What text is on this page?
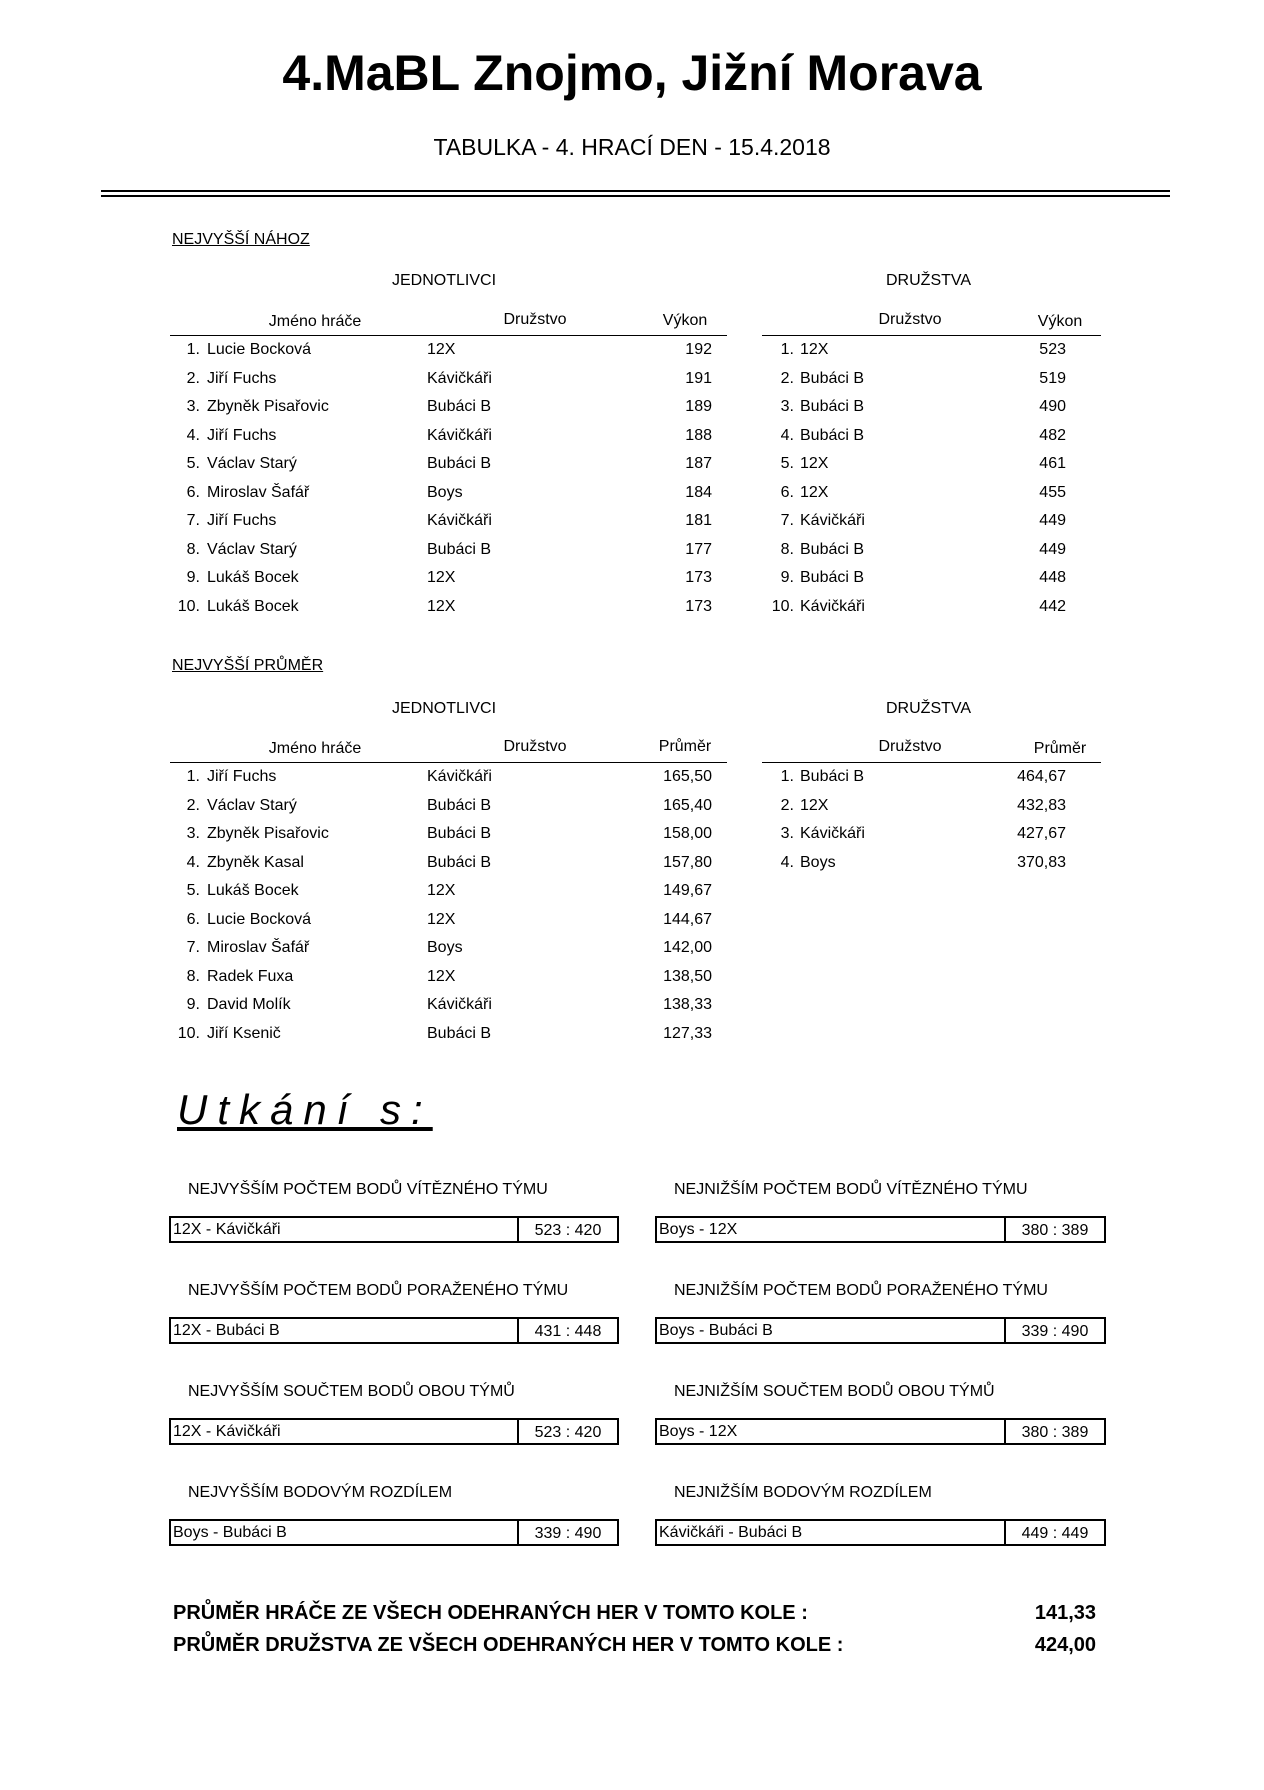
4.MaBL Znojmo, Jižní Morava
TABULKA - 4. HRACÍ DEN - 15.4.2018
NEJVYŠŠÍ NÁHOZ
JEDNOTLIVCI	DRUŽSTVA
Jméno hráče	Družstvo	Výkon	Družstvo	Výkon
1. Lucie Bocková	12X	192
2. Jiří Fuchs	Kávičkáři	191
3. Zbyněk Pisařovic	Bubáci B	189
4. Jiří Fuchs	Kávičkáři	188
5. Václav Starý	Bubáci B	187
6. Miroslav Šafář	Boys	184
7. Jiří Fuchs	Kávičkáři	181
8. Václav Starý	Bubáci B	177
9. Lukáš Bocek	12X	173
10. Lukáš Bocek	12X	173
1. 12X	523
2. Bubáci B	519
3. Bubáci B	490
4. Bubáci B	482
5. 12X	461
6. 12X	455
7. Kávičkáři	449
8. Bubáci B	449
9. Bubáci B	448
10. Kávičkáři	442
NEJVYŠŠÍ PRŮMĚR
JEDNOTLIVCI	DRUŽSTVA
Jméno hráče	Družstvo	Průměr	Družstvo	Průměr
1. Jiří Fuchs	Kávičkáři	165,50
2. Václav Starý	Bubáci B	165,40
3. Zbyněk Pisařovic	Bubáci B	158,00
4. Zbyněk Kasal	Bubáci B	157,80
5. Lukáš Bocek	12X	149,67
6. Lucie Bocková	12X	144,67
7. Miroslav Šafář	Boys	142,00
8. Radek Fuxa	12X	138,50
9. David Molík	Kávičkáři	138,33
10. Jiří Ksenič	Bubáci B	127,33
1. Bubáci B	464,67
2. 12X	432,83
3. Kávičkáři	427,67
4. Boys	370,83
Utkání s:
NEJVYŠŠÍM POČTEM BODŮ VÍTĚZNÉHO TÝMU
12X - Kávičkáři	523 : 420
NEJNIŽŠÍM POČTEM BODŮ VÍTĚZNÉHO TÝMU
Boys - 12X	380 : 389
NEJVYŠŠÍM POČTEM BODŮ PORAŽENÉHO TÝMU
12X - Bubáci B	431 : 448
NEJNIŽŠÍM POČTEM BODŮ PORAŽENÉHO TÝMU
Boys - Bubáci B	339 : 490
NEJVYŠŠÍM SOUČTEM BODŮ OBOU TÝMŮ
12X - Kávičkáři	523 : 420
NEJNIŽŠÍM SOUČTEM BODŮ OBOU TÝMŮ
Boys - 12X	380 : 389
NEJVYŠŠÍM BODOVÝM ROZDÍLEM
Boys - Bubáci B	339 : 490
NEJNIŽŠÍM BODOVÝM ROZDÍLEM
Kávičkáři - Bubáci B	449 : 449
PRŮMĚR HRÁČE ZE VŠECH ODEHRANÝCH HER V TOMTO KOLE :	141,33
PRŮMĚR DRUŽSTVA ZE VŠECH ODEHRANÝCH HER V TOMTO KOLE :	424,00
